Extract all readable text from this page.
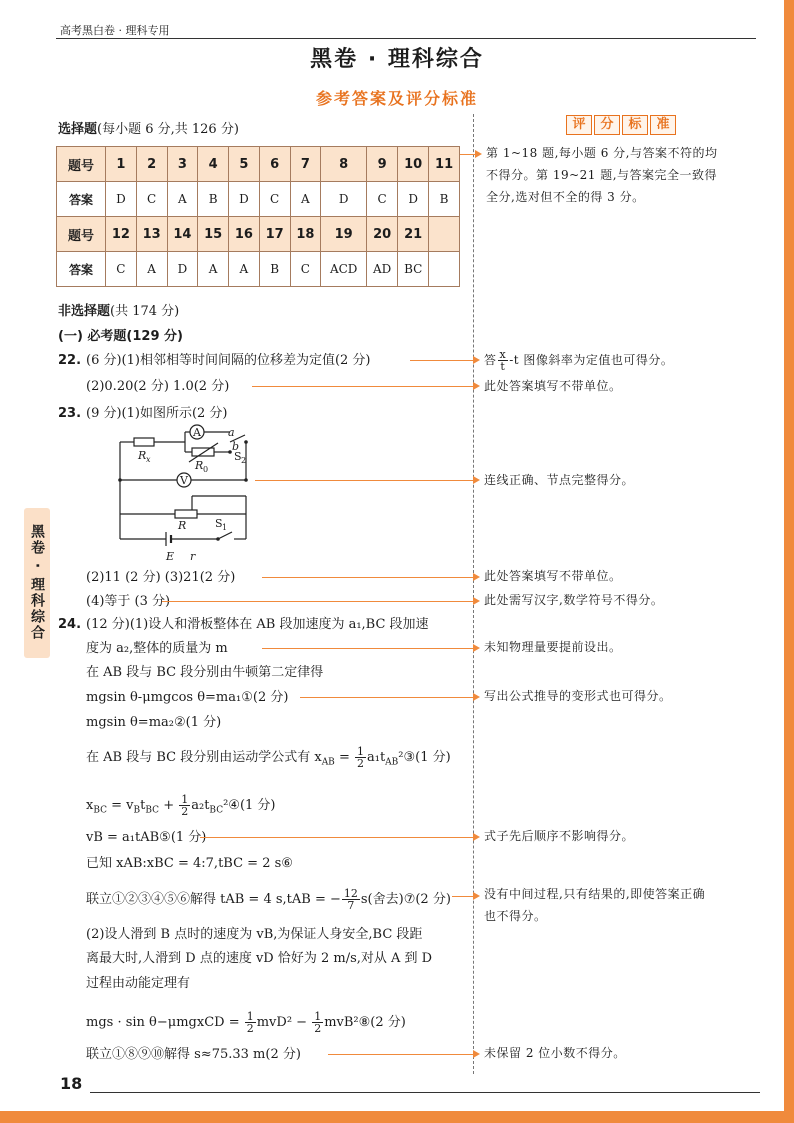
高考黑白卷 · 理科专用
黑卷 · 理科综合
参考答案及评分标准
评	分	标	准
选择题(每小题 6 分,共 126 分)
题号	1	2	3	4	5	6	7	8	9	10	11
答案	D	C	A	B	D	C	A	D	C	D	B
题号	12	13	14	15	16	17	18	19	20	21	
答案	C	A	D	A	A	B	C	ACD	AD	BC	
第 1~18 题,每小题 6 分,与答案不符的均
不得分。第 19~21 题,与答案完全一致得
全分,选对但不全的得 3 分。
非选择题(共 174 分)
(一) 必考题(129 分)
22. (6 分)(1)相邻相等时间间隔的位移差为定值(2 分)	答 $\frac{x}{t} -t$ 图像斜率为定值也可得分。
(2)0.20(2 分) 1.0(2 分)	此处答案填写不带单位。
23. (9 分)(1)如图所示(2 分)
A
V
a
b
R x	R 0
S 2
R	S 1
E r
连线正确、节点完整得分。
(2)11 (2 分) (3)21(2 分)	此处答案填写不带单位。
(4)等于 (3 分)	此处需写汉字,数学符号不得分。
24. (12 分)(1)设人和滑板整体在 AB 段加速度为 a₁,BC 段加速
度为 a₂,整体的质量为 m	未知物理量要提前设出。
在 AB 段与 BC 段分别由牛顿第二定律得
mgsin θ-μmgcos θ=ma₁①(2 分)	写出公式推导的变形式也可得分。
mgsin θ=ma₂②(1 分)
在 AB 段与 BC 段分别由运动学公式有 $x_{AB} = \frac{1}{2}$ $a_1t_{AB}^2③(1$ 分)
$x_{BC} = v_Bt_{BC} + \frac{1}{2}$ $a_2t_{BC}^2④(1$ 分)
vB = a₁tAB⑤(1 分)	式子先后顺序不影响得分。
已知 xAB:xBC = 4:7,tBC = 2 s⑥
联立①②③④⑤⑥解得 tAB = 4 s,tAB = − $\frac{12}{7} s$(舍去)⑦(2 分)	没有中间过程,只有结果的,即使答案正确
也不得分。
(2)设人滑到 B 点时的速度为 vB,为保证人身安全,BC 段距
离最大时,人滑到 D 点的速度 vD 恰好为 2 m/s,对从 A 到 D
过程由动能定理有
mgs · sin θ−μmgxCD = $\frac{1}{2} mvD^2 - \frac{1}{2}$ mvB²⑧(2 分)
联立①⑧⑨⑩解得 s≈75.33 m(2 分)	未保留 2 位小数不得分。
黑卷 · 理科综合
18
